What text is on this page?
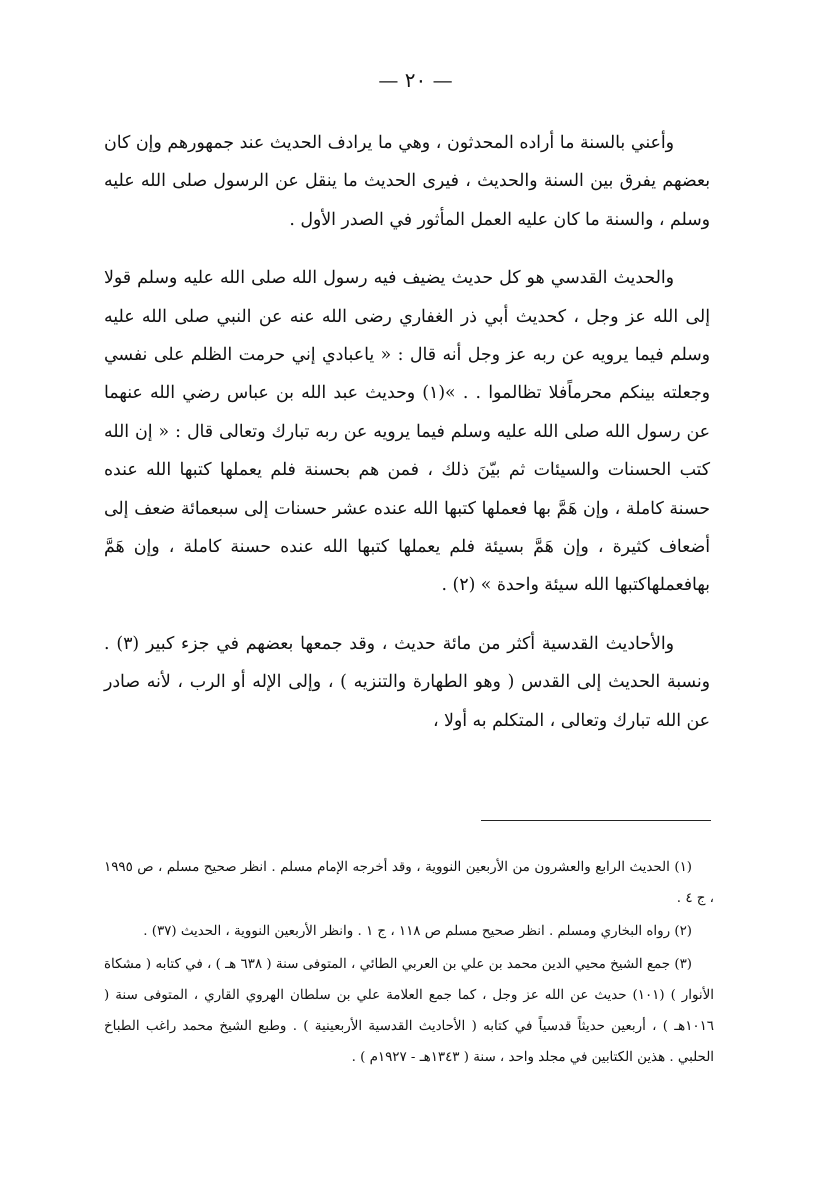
— ٢٠ —

وأعني بالسنة ما أراده المحدثون ، وهي ما يرادف الحديث عند جمهورهم وإن كان بعضهم يفرق بين السنة والحديث ، فيرى الحديث ما ينقل عن الرسول صلى الله عليه وسلم ، والسنة ما كان عليه العمل المأثور في الصدر الأول .

والحديث القدسي هو كل حديث يضيف فيه رسول الله صلى الله عليه وسلم قولا إلى الله عز وجل ، كحديث أبي ذر الغفاري رضى الله عنه عن النبي صلى الله عليه وسلم فيما يرويه عن ربه عز وجل أنه قال : « ياعبادي إني حرمت الظلم على نفسي وجعلته بينكم محرماًفلا تظالموا . . »(١) وحديث عبد الله بن عباس رضي الله عنهما عن رسول الله صلى الله عليه وسلم فيما يرويه عن ربه تبارك وتعالى قال : « إن الله كتب الحسنات والسيئات ثم بيّنَ ذلك ، فمن هم بحسنة فلم يعملها كتبها الله عنده حسنة كاملة ، وإن هَمَّ بها فعملها كتبها الله عنده عشر حسنات إلى سبعمائة ضعف إلى أضعاف كثيرة ، وإن هَمَّ بسيئة فلم يعملها كتبها الله عنده حسنة كاملة ، وإن هَمَّ بهافعملهاكتبها الله سيئة واحدة » (٢) .

والأحاديث القدسية أكثر من مائة حديث ، وقد جمعها بعضهم في جزء كبير (٣) . ونسبة الحديث إلى القدس ( وهو الطهارة والتنزيه ) ، وإلى الإله أو الرب ، لأنه صادر عن الله تبارك وتعالى ، المتكلم به أولا ،

(١) الحديث الرابع والعشرون من الأربعين النووية ، وقد أخرجه الإمام مسلم . انظر صحيح مسلم ، ص ١٩٩٥ ، ج ٤ .

(٢) رواه البخاري ومسلم . انظر صحيح مسلم ص ١١٨ ، ج ١ . وانظر الأربعين النووية ، الحديث (٣٧) .

(٣) جمع الشيخ محيي الدين محمد بن علي بن العربي الطائي ، المتوفى سنة ( ٦٣٨ هـ ) ، في كتابه ( مشكاة الأنوار ) (١٠١) حديث عن الله عز وجل ، كما جمع العلامة علي بن سلطان الهروي القاري ، المتوفى سنة ( ١٠١٦هـ ) ، أربعين حديثاً قدسياً في كتابه ( الأحاديث القدسية الأربعينية ) . وطبع الشيخ محمد راغب الطباخ الحلبي . هذين الكتابين في مجلد واحد ، سنة ( ١٣٤٣هـ - ١٩٢٧م ) .
